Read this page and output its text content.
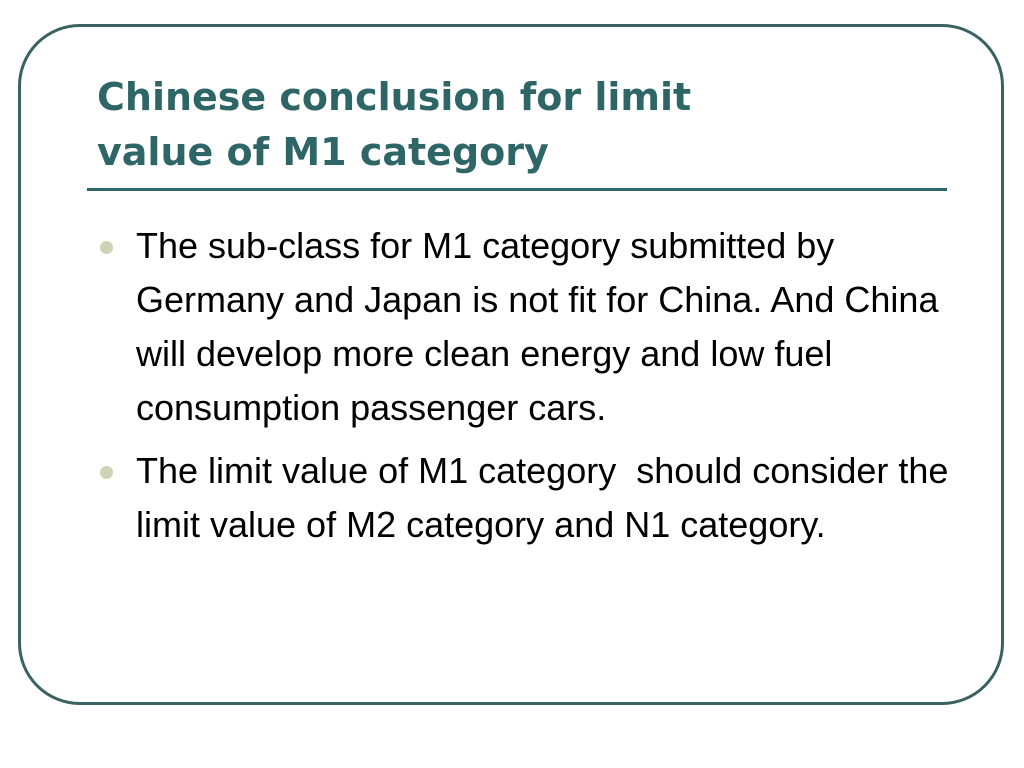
Chinese conclusion for limit
value of M1 category
The sub-class for M1 category submitted by Germany and Japan is not fit for China. And China will develop more clean energy and low fuel consumption passenger cars.
The limit value of M1 category  should consider the limit value of M2 category and N1 category.
